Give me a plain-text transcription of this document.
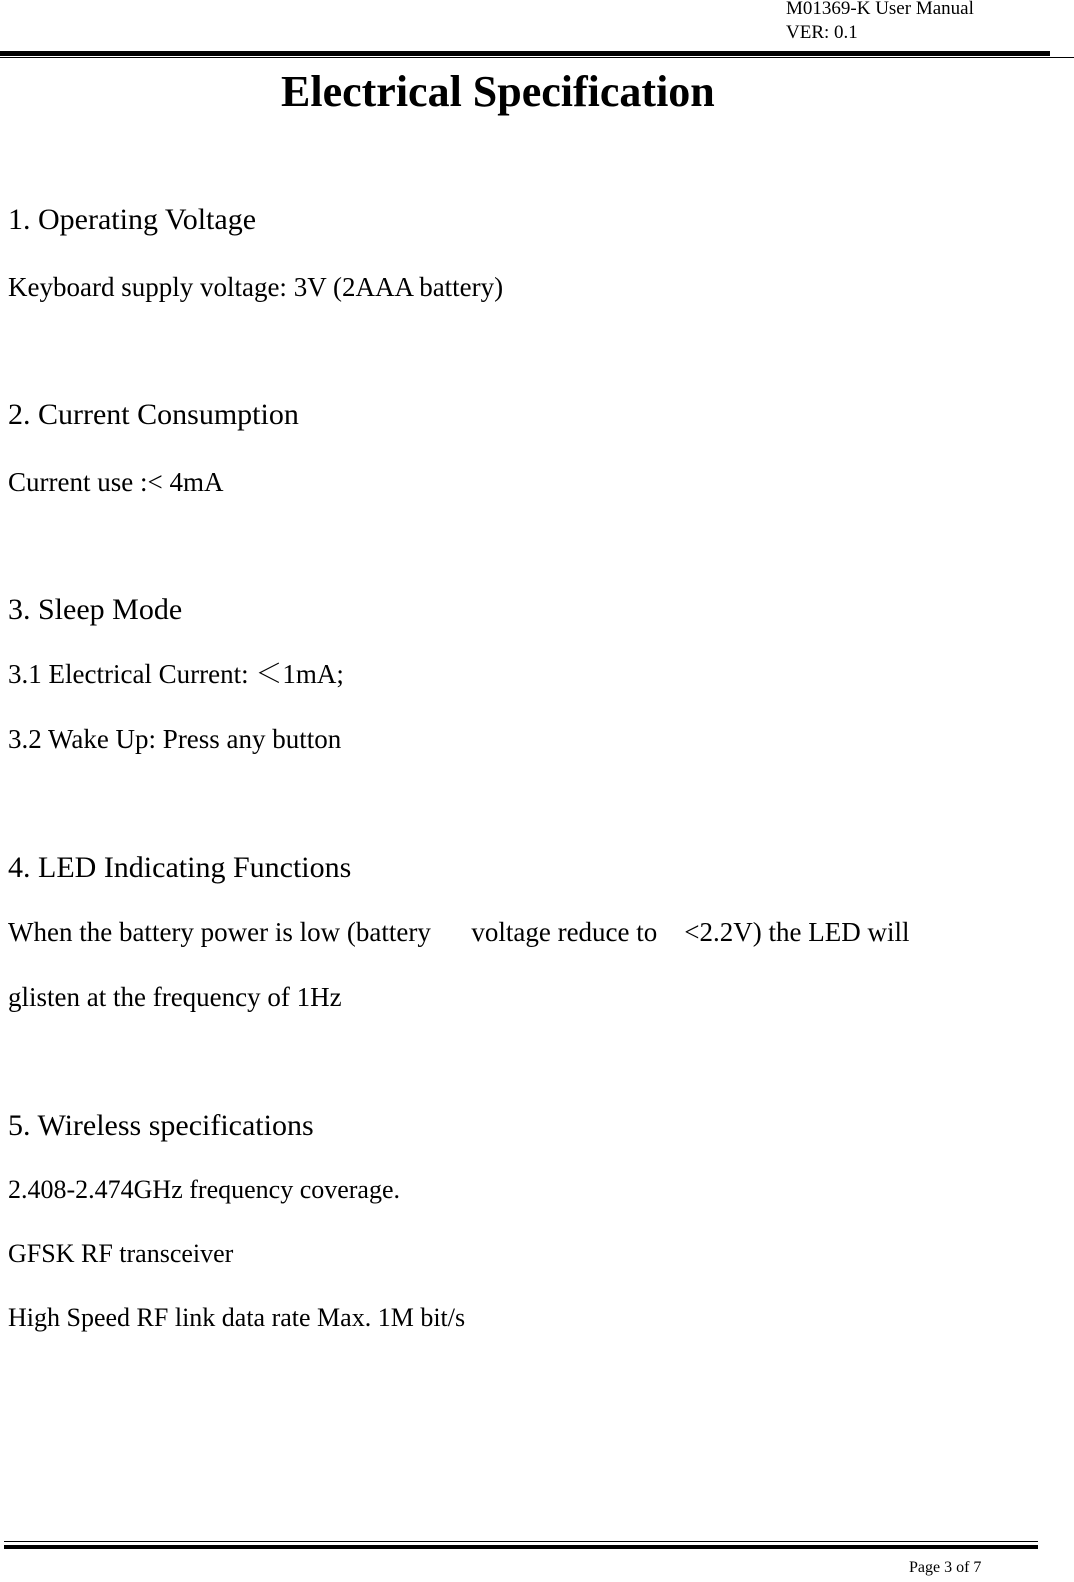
M01369-K User Manual
VER: 0.1
Electrical Specification
1. Operating Voltage
Keyboard supply voltage: 3V (2AAA battery)
2. Current Consumption
Current use :< 4mA
3. Sleep Mode
3.1 Electrical Current: ＜1mA;
3.2 Wake Up: Press any button
4. LED Indicating Functions
When the battery power is low (battery      voltage reduce to    <2.2V) the LED will
glisten at the frequency of 1Hz
5. Wireless specifications
2.408-2.474GHz frequency coverage.
GFSK RF transceiver
High Speed RF link data rate Max. 1M bit/s
Page 3 of 7
